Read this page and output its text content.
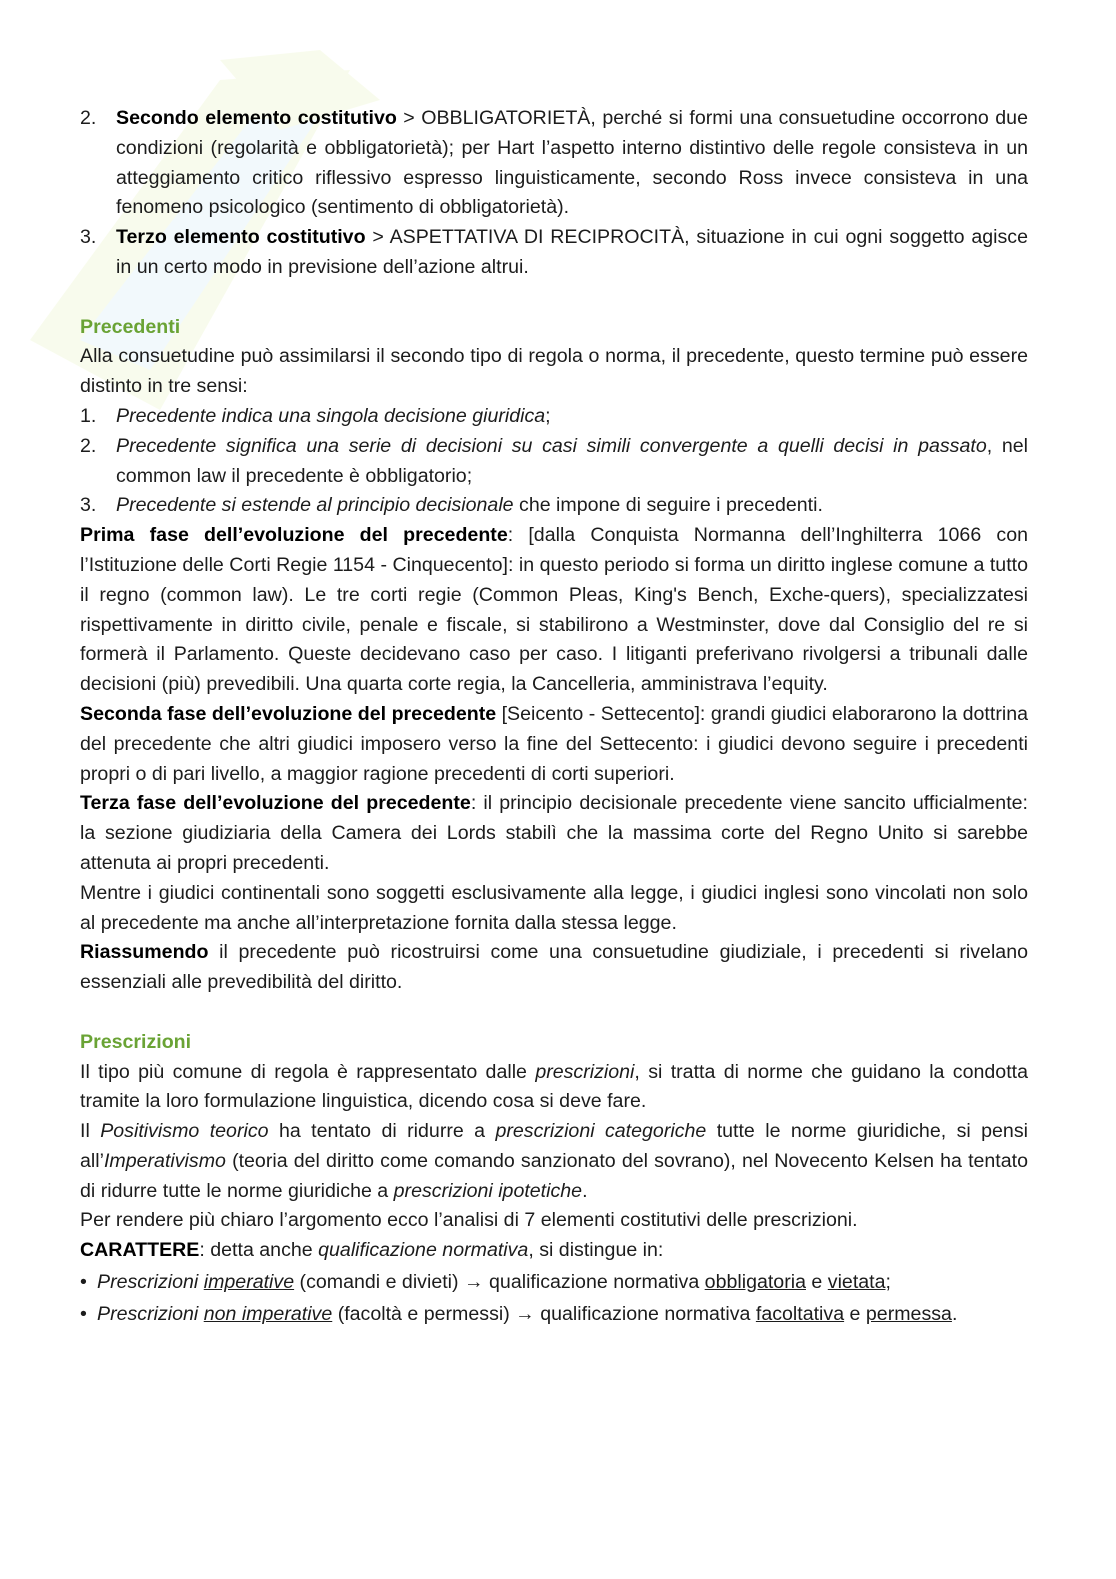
2.	Secondo elemento costitutivo > OBBLIGATORIETÀ, perché si formi una consuetudine occorrono due condizioni (regolarità e obbligatorietà); per Hart l’aspetto interno distintivo delle regole consisteva in un atteggiamento critico riflessivo espresso linguisticamente, secondo Ross invece consisteva in una fenomeno psicologico (sentimento di obbligatorietà).
3.	Terzo elemento costitutivo > ASPETTATIVA DI RECIPROCITÀ, situazione in cui ogni soggetto agisce in un certo modo in previsione dell’azione altrui.

Precedenti

Alla consuetudine può assimilarsi il secondo tipo di regola o norma, il precedente, questo termine può essere distinto in tre sensi:

1.	Precedente indica una singola decisione giuridica;
2.	Precedente significa una serie di decisioni su casi simili convergente a quelli decisi in passato, nel common law il precedente è obbligatorio;
3.	Precedente si estende al principio decisionale che impone di seguire i precedenti.

Prima fase dell’evoluzione del precedente: [dalla Conquista Normanna dell’Inghilterra 1066 con l’Istituzione delle Corti Regie 1154 - Cinquecento]: in questo periodo si forma un diritto inglese comune a tutto il regno (common law). Le tre corti regie (Common Pleas, King's Bench, Exche-quers), specializzatesi rispettivamente in diritto civile, penale e fiscale, si stabilirono a Westminster, dove dal Consiglio del re si formerà il Parlamento. Queste decidevano caso per caso. I litiganti preferivano rivolgersi a tribunali dalle decisioni (più) prevedibili. Una quarta corte regia, la Cancelleria, amministrava l’equity.

Seconda fase dell’evoluzione del precedente [Seicento - Settecento]: grandi giudici elaborarono la dottrina del precedente che altri giudici imposero verso la fine del Settecento: i giudici devono seguire i precedenti propri o di pari livello, a maggior ragione precedenti di corti superiori.

Terza fase dell’evoluzione del precedente: il principio decisionale precedente viene sancito ufficialmente: la sezione giudiziaria della Camera dei Lords stabilì che la massima corte del Regno Unito si sarebbe attenuta ai propri precedenti.

Mentre i giudici continentali sono soggetti esclusivamente alla legge, i giudici inglesi sono vincolati non solo al precedente ma anche all’interpretazione fornita dalla stessa legge.

Riassumendo il precedente può ricostruirsi come una consuetudine giudiziale, i precedenti si rivelano essenziali alle prevedibilità del diritto.

Prescrizioni

Il tipo più comune di regola è rappresentato dalle prescrizioni, si tratta di norme che guidano la condotta tramite la loro formulazione linguistica, dicendo cosa si deve fare.

Il Positivismo teorico ha tentato di ridurre a prescrizioni categoriche tutte le norme giuridiche, si pensi all’Imperativismo (teoria del diritto come comando sanzionato del sovrano), nel Novecento Kelsen ha tentato di ridurre tutte le norme giuridiche a prescrizioni ipotetiche.

Per rendere più chiaro l’argomento ecco l’analisi di 7 elementi costitutivi delle prescrizioni.

CARATTERE: detta anche qualificazione normativa, si distingue in:

• Prescrizioni imperative (comandi e divieti) → qualificazione normativa obbligatoria e vietata;
• Prescrizioni non imperative (facoltà e permessi) → qualificazione normativa facoltativa e permessa.
